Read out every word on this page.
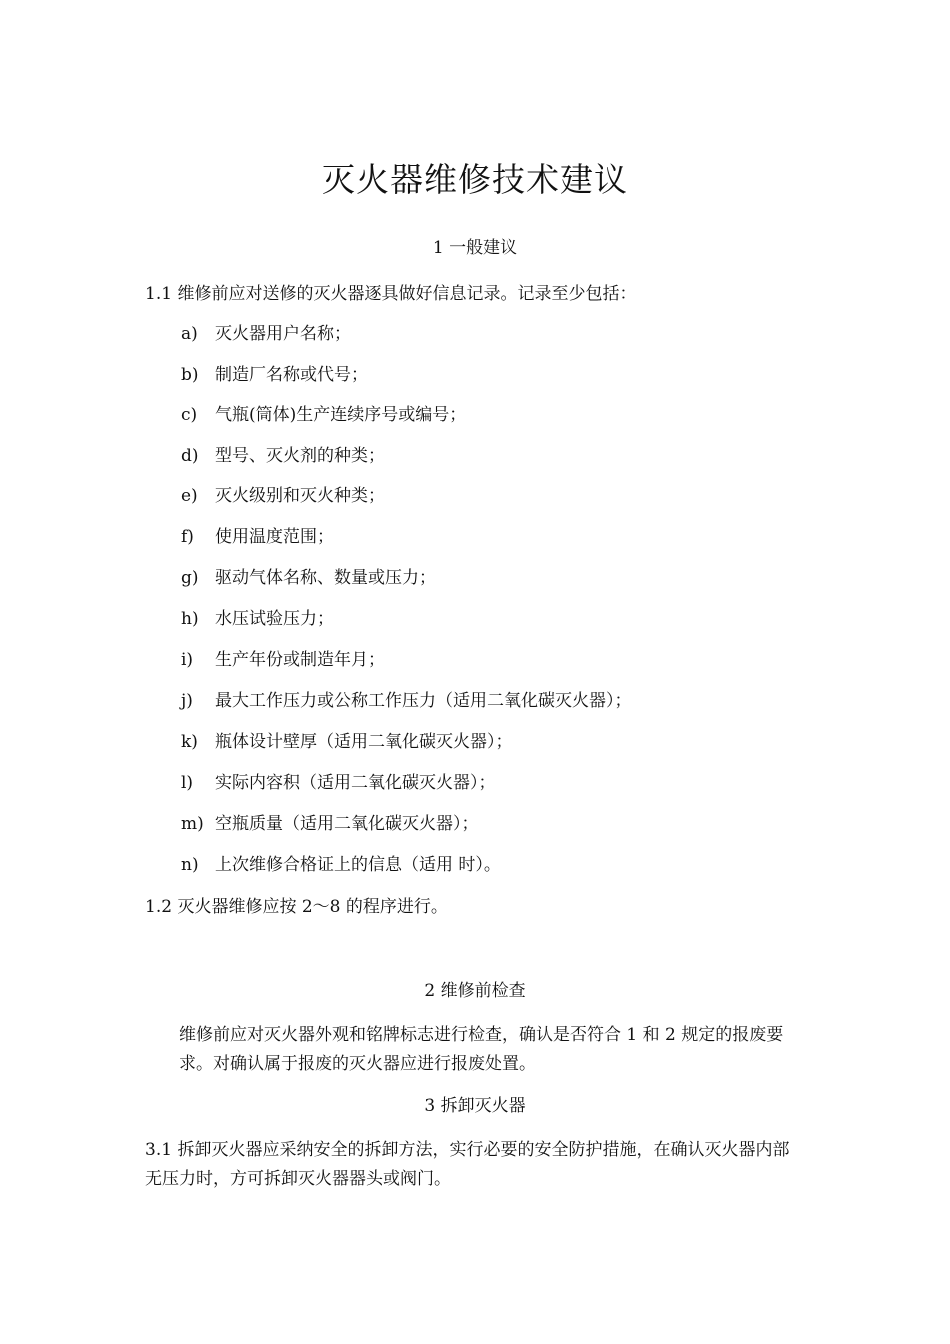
灭火器维修技术建议
1 一般建议
1.1 维修前应对送修的灭火器逐具做好信息记录。记录至少包括：
a) 灭火器用户名称；
b) 制造厂名称或代号；
c) 气瓶(筒体)生产连续序号或编号；
d) 型号、灭火剂的种类；
e) 灭火级别和灭火种类；
f) 使用温度范围；
g) 驱动气体名称、数量或压力；
h) 水压试验压力；
i) 生产年份或制造年月；
j) 最大工作压力或公称工作压力（适用二氧化碳灭火器）；
k) 瓶体设计壁厚（适用二氧化碳灭火器）；
l) 实际内容积（适用二氧化碳灭火器）；
m) 空瓶质量（适用二氧化碳灭火器）；
n) 上次维修合格证上的信息（适用 时）。
1.2 灭火器维修应按 2～8 的程序进行。
2 维修前检查
维修前应对灭火器外观和铭牌标志进行检查，确认是否符合 1 和 2 规定的报废要求。对确认属于报废的灭火器应进行报废处置。
3 拆卸灭火器
3.1 拆卸灭火器应采纳安全的拆卸方法，实行必要的安全防护措施，在确认灭火器内部无压力时，方可拆卸灭火器器头或阀门。
